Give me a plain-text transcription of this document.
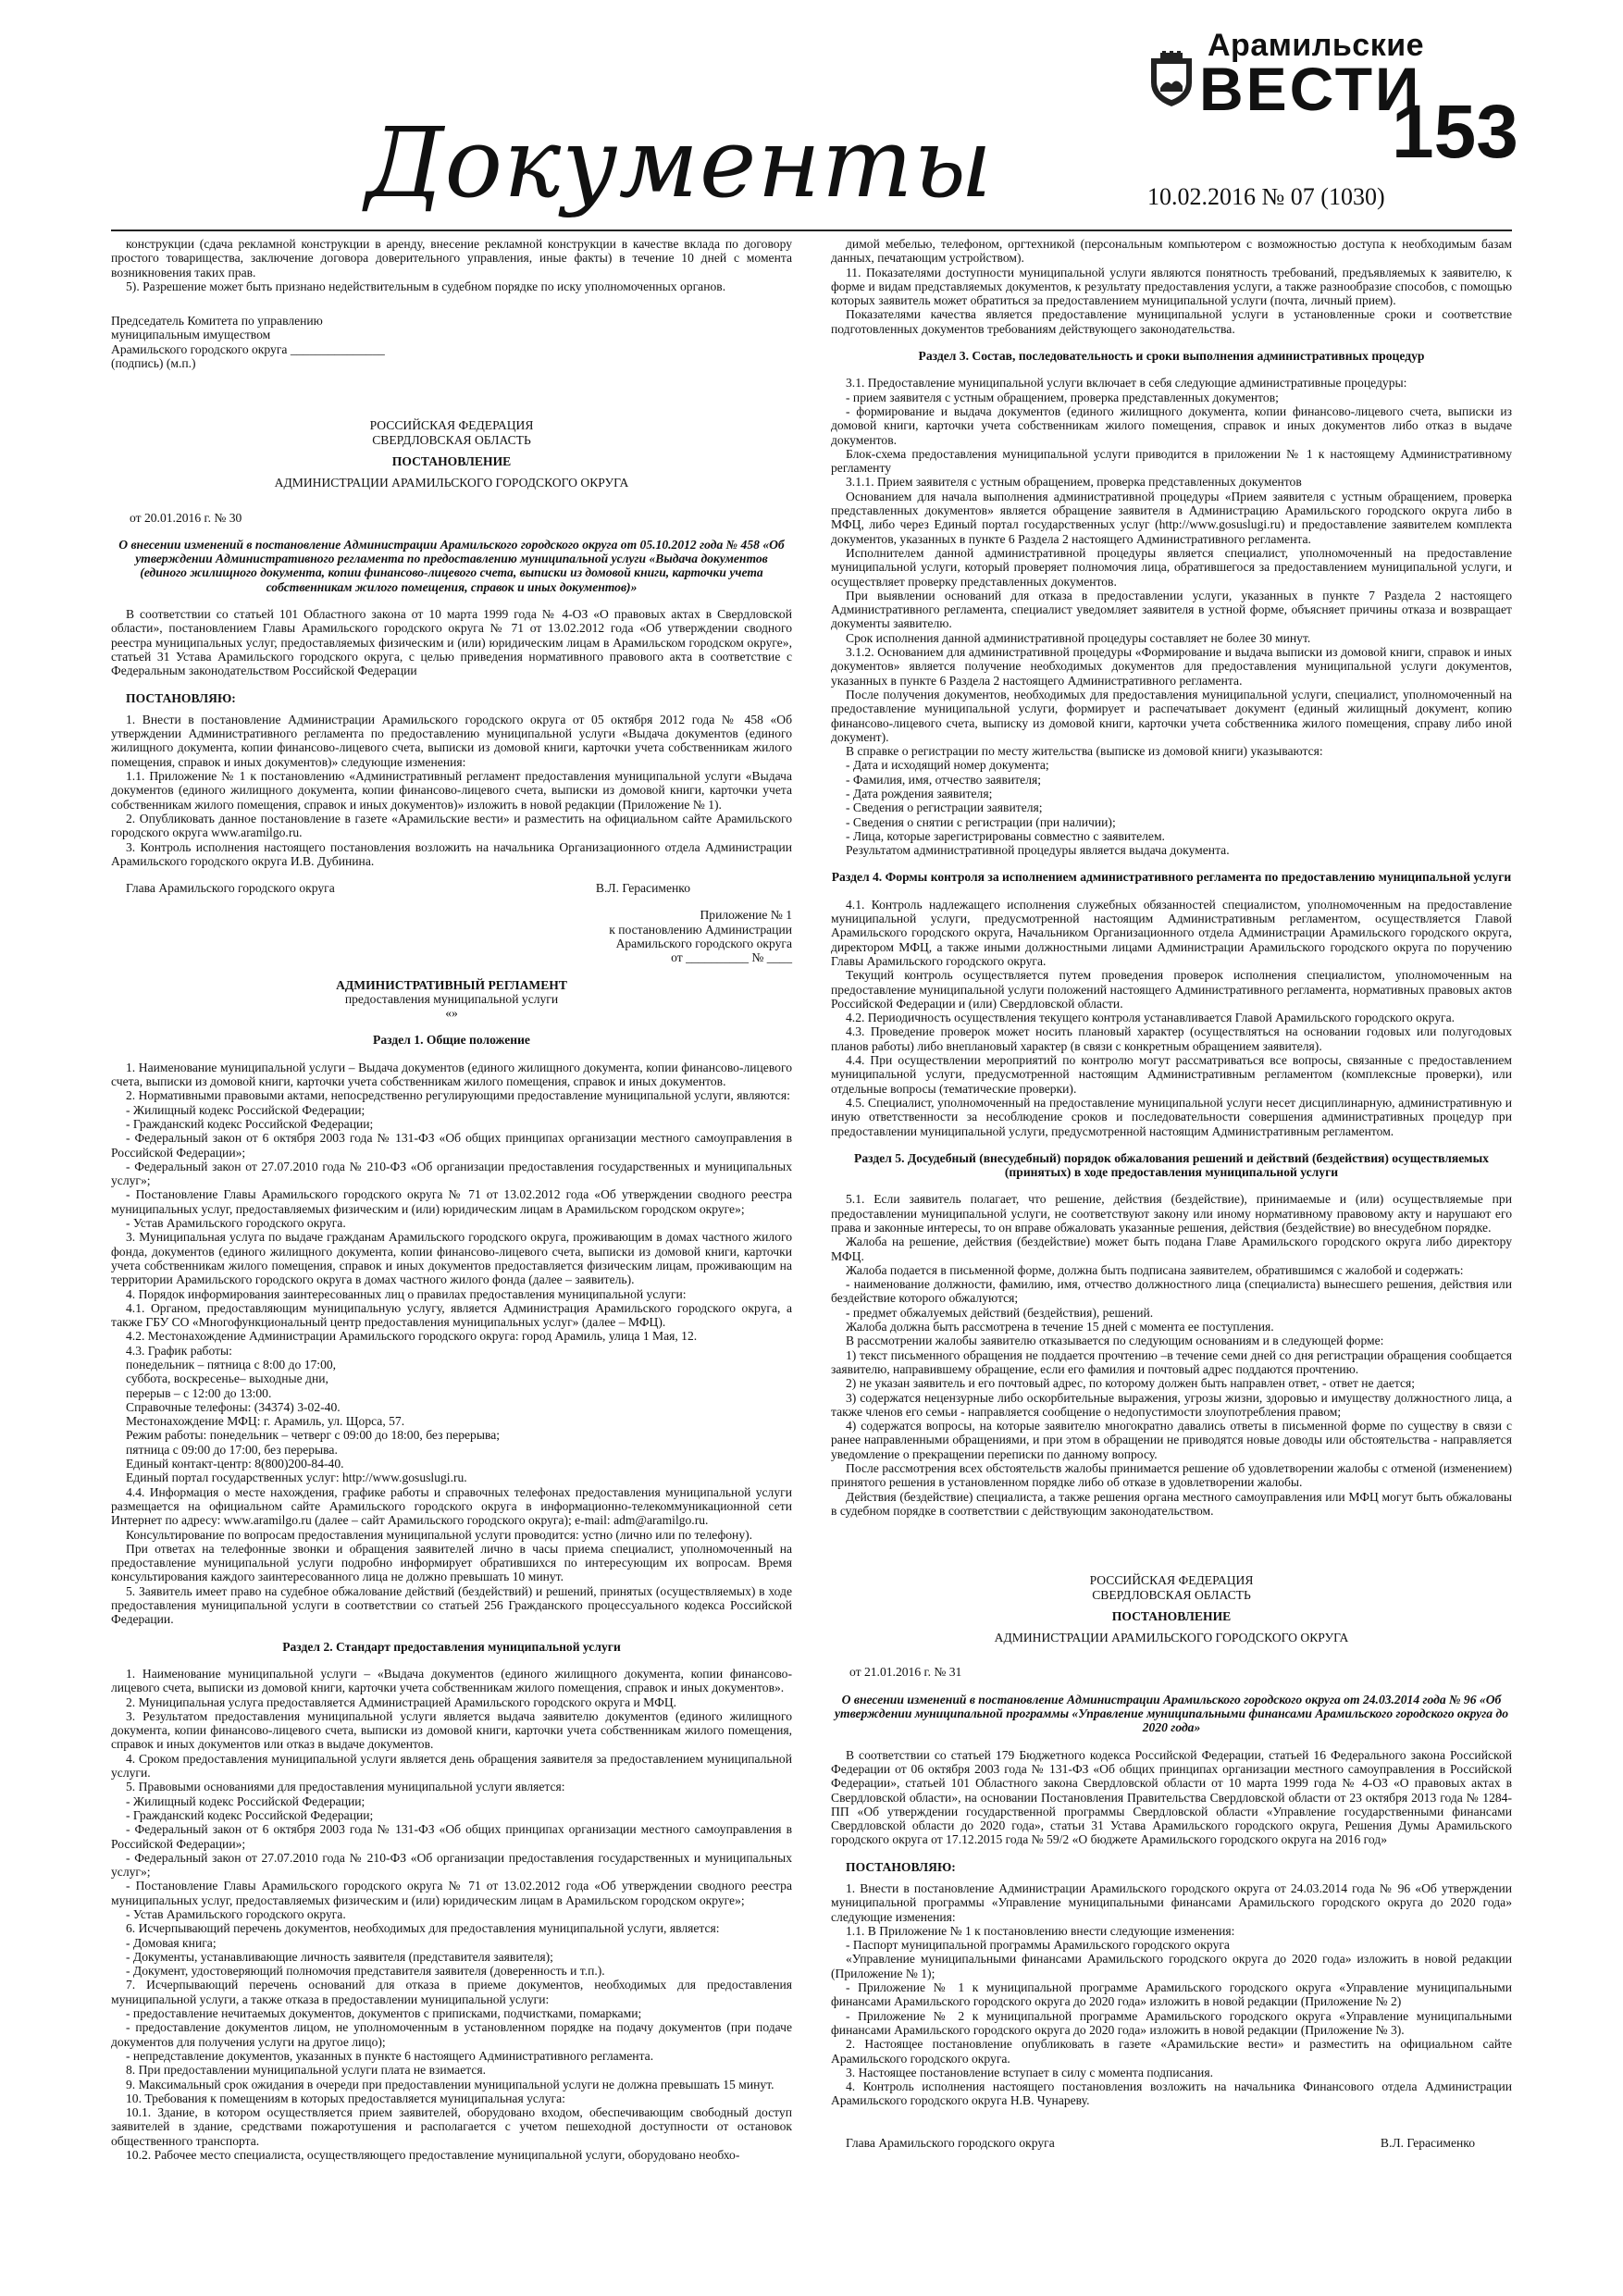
Документы
Арамильские
ВЕСТИ
153
10.02.2016 № 07 (1030)

конструкции (сдача рекламной конструкции в аренду, внесение рекламной конструкции в качестве вклада по договору простого товарищества, заключение договора доверительного управления, иные факты) в течение 10 дней с момента возникновения таких прав.

5). Разрешение может быть признано недействительным в судебном порядке по иску уполномоченных органов.

Председатель Комитета по управлению

муниципальным имуществом

Арамильского городского округа _______________

(подпись) (м.п.)

РОССИЙСКАЯ ФЕДЕРАЦИЯ

СВЕРДЛОВСКАЯ ОБЛАСТЬ

ПОСТАНОВЛЕНИЕ

АДМИНИСТРАЦИИ АРАМИЛЬСКОГО ГОРОДСКОГО ОКРУГА

от 20.01.2016 г. № 30

О внесении изменений в постановление Администрации Арамильского городского округа от 05.10.2012 года № 458 «Об утверждении Административного регламента по предоставлению муниципальной услуги «Выдача документов (единого жилищного документа, копии финансово-лицевого счета, выписки из домовой книги, карточки учета собственникам жилого помещения, справок и иных документов)»

В соответствии со статьей 101 Областного закона от 10 марта 1999 года № 4-ОЗ «О правовых актах в Свердловской области», постановлением Главы Арамильского городского округа № 71 от 13.02.2012 года «Об утверждении сводного реестра муниципальных услуг, предоставляемых физическим и (или) юридическим лицам в Арамильском городском округе», статьей 31 Устава Арамильского городского округа, с целью приведения нормативного правового акта в соответствие с Федеральным законодательством Российской Федерации

ПОСТАНОВЛЯЮ:

1. Внести в постановление Администрации Арамильского городского округа от 05 октября 2012 года № 458 «Об утверждении Административного регламента по предоставлению муниципальной услуги «Выдача документов (единого жилищного документа, копии финансово-лицевого счета, выписки из домовой книги, карточки учета собственникам жилого помещения, справок и иных документов)» следующие изменения:

1.1. Приложение № 1 к постановлению «Административный регламент предоставления муниципальной услуги «Выдача документов (единого жилищного документа, копии финансово-лицевого счета, выписки из домовой книги, карточки учета собственникам жилого помещения, справок и иных документов)» изложить в новой редакции (Приложение № 1).

2. Опубликовать данное постановление в газете «Арамильские вести» и разместить на официальном сайте Арамильского городского округа www.aramilgo.ru.

3. Контроль исполнения настоящего постановления возложить на начальника Организационного отдела Администрации Арамильского городского округа И.В. Дубинина.

Глава Арамильского городского округа	В.Л. Герасименко

Приложение № 1

к постановлению Администрации

Арамильского городского округа

от __________ № ____

АДМИНИСТРАТИВНЫЙ РЕГЛАМЕНТ

предоставления муниципальной услуги

«»

Раздел 1. Общие положение

1. Наименование муниципальной услуги – Выдача документов (единого жилищного документа, копии финансово-лицевого счета, выписки из домовой книги, карточки учета собственникам жилого помещения, справок и иных документов.

2. Нормативными правовыми актами, непосредственно регулирующими предоставление муниципальной услуги, являются:

- Жилищный кодекс Российской Федерации;

- Гражданский кодекс Российской Федерации;

- Федеральный закон от 6 октября 2003 года № 131-ФЗ «Об общих принципах организации местного самоуправления в Российской Федерации»;

- Федеральный закон от 27.07.2010 года № 210-ФЗ «Об организации предоставления государственных и муниципальных услуг»;

- Постановление Главы Арамильского городского округа № 71 от 13.02.2012 года «Об утверждении сводного реестра муниципальных услуг, предоставляемых физическим и (или) юридическим лицам в Арамильском городском округе»;

- Устав Арамильского городского округа.

3. Муниципальная услуга по выдаче гражданам Арамильского городского округа, проживающим в домах частного жилого фонда, документов (единого жилищного документа, копии финансово-лицевого счета, выписки из домовой книги, карточки учета собственникам жилого помещения, справок и иных документов предоставляется физическим лицам, проживающим на территории Арамильского городского округа в домах частного жилого фонда (далее – заявитель).

4. Порядок информирования заинтересованных лиц о правилах предоставления муниципальной услуги:

4.1. Органом, предоставляющим муниципальную услугу, является Администрация Арамильского городского округа, а также ГБУ СО «Многофункциональный центр предоставления муниципальных услуг» (далее – МФЦ).

4.2. Местонахождение Администрации Арамильского городского округа: город Арамиль, улица 1 Мая, 12.

4.3. График работы:

понедельник – пятница с 8:00 до 17:00,

суббота, воскресенье– выходные дни,

перерыв – с 12:00 до 13:00.

Справочные телефоны: (34374) 3-02-40.

Местонахождение МФЦ: г. Арамиль, ул. Щорса, 57.

Режим работы: понедельник – четверг с 09:00 до 18:00, без перерыва;

пятница с 09:00 до 17:00, без перерыва.

Единый контакт-центр: 8(800)200-84-40.

Единый портал государственных услуг: http://www.gosuslugi.ru.

4.4. Информация о месте нахождения, графике работы и справочных телефонах предоставления муниципальной услуги размещается на официальном сайте Арамильского городского округа в информационно-телекоммуникационной сети Интернет по адресу: www.aramilgo.ru (далее – сайт Арамильского городского округа); e-mail: adm@aramilgo.ru.

Консультирование по вопросам предоставления муниципальной услуги проводится: устно (лично или по телефону).

При ответах на телефонные звонки и обращения заявителей лично в часы приема специалист, уполномоченный на предоставление муниципальной услуги подробно информирует обратившихся по интересующим их вопросам. Время консультирования каждого заинтересованного лица не должно превышать 10 минут.

5. Заявитель имеет право на судебное обжалование действий (бездействий) и решений, принятых (осуществляемых) в ходе предоставления муниципальной услуги в соответствии со статьей 256 Гражданского процессуального кодекса Российской Федерации.

Раздел 2. Стандарт предоставления муниципальной услуги

1. Наименование муниципальной услуги – «Выдача документов (единого жилищного документа, копии финансово-лицевого счета, выписки из домовой книги, карточки учета собственникам жилого помещения, справок и иных документов».

2. Муниципальная услуга предоставляется Администрацией Арамильского городского округа и МФЦ.

3. Результатом предоставления муниципальной услуги является выдача заявителю документов (единого жилищного документа, копии финансово-лицевого счета, выписки из домовой книги, карточки учета собственникам жилого помещения, справок и иных документов или отказ в выдаче документов.

4. Сроком предоставления муниципальной услуги является день обращения заявителя за предоставлением муниципальной услуги.

5. Правовыми основаниями для предоставления муниципальной услуги является:

- Жилищный кодекс Российской Федерации;

- Гражданский кодекс Российской Федерации;

- Федеральный закон от 6 октября 2003 года № 131-ФЗ «Об общих принципах организации местного самоуправления в Российской Федерации»;

- Федеральный закон от 27.07.2010 года № 210-ФЗ «Об организации предоставления государственных и муниципальных услуг»;

- Постановление Главы Арамильского городского округа № 71 от 13.02.2012 года «Об утверждении сводного реестра муниципальных услуг, предоставляемых физическим и (или) юридическим лицам в Арамильском городском округе»;

- Устав Арамильского городского округа.

6. Исчерпывающий перечень документов, необходимых для предоставления муниципальной услуги, является:

- Домовая книга;

- Документы, устанавливающие личность заявителя (представителя заявителя);

- Документ, удостоверяющий полномочия представителя заявителя (доверенность и т.п.).

7. Исчерпывающий перечень оснований для отказа в приеме документов, необходимых для предоставления муниципальной услуги, а также отказа в предоставлении муниципальной услуги:

- предоставление нечитаемых документов, документов с приписками, подчистками, помарками;

- предоставление документов лицом, не уполномоченным в установленном порядке на подачу документов (при подаче документов для получения услуги на другое лицо);

- непредставление документов, указанных в пункте 6 настоящего Административного регламента.

8. При предоставлении муниципальной услуги плата не взимается.

9. Максимальный срок ожидания в очереди при предоставлении муниципальной услуги не должна превышать 15 минут.

10. Требования к помещениям в которых предоставляется муниципальная услуга:

10.1. Здание, в котором осуществляется прием заявителей, оборудовано входом, обеспечивающим свободный доступ заявителей в здание, средствами пожаротушения и располагается с учетом пешеходной доступности от остановок общественного транспорта.

10.2. Рабочее место специалиста, осуществляющего предоставление муниципальной услуги, оборудовано необхо-

димой мебелью, телефоном, оргтехникой (персональным компьютером с возможностью доступа к необходимым базам данных, печатающим устройством).

11. Показателями доступности муниципальной услуги являются понятность требований, предъявляемых к заявителю, к форме и видам представляемых документов, к результату предоставления услуги, а также разнообразие способов, с помощью которых заявитель может обратиться за предоставлением муниципальной услуги (почта, личный прием).

Показателями качества является предоставление муниципальной услуги в установленные сроки и соответствие подготовленных документов требованиям действующего законодательства.

Раздел 3. Состав, последовательность и сроки выполнения административных процедур

3.1. Предоставление муниципальной услуги включает в себя следующие административные процедуры:

- прием заявителя с устным обращением, проверка представленных документов;

- формирование и выдача документов (единого жилищного документа, копии финансово-лицевого счета, выписки из домовой книги, карточки учета собственникам жилого помещения, справок и иных документов либо отказ в выдаче документов.

Блок-схема предоставления муниципальной услуги приводится в приложении № 1 к настоящему Административному регламенту

3.1.1. Прием заявителя с устным обращением, проверка представленных документов

Основанием для начала выполнения административной процедуры «Прием заявителя с устным обращением, проверка представленных документов» является обращение заявителя в Администрацию Арамильского городского округа либо в МФЦ, либо через Единый портал государственных услуг (http://www.gosuslugi.ru) и предоставление заявителем комплекта документов, указанных в пункте 6 Раздела 2 настоящего Административного регламента.

Исполнителем данной административной процедуры является специалист, уполномоченный на предоставление муниципальной услуги, который проверяет полномочия лица, обратившегося за предоставлением муниципальной услуги, и осуществляет проверку представленных документов.

При выявлении оснований для отказа в предоставлении услуги, указанных в пункте 7 Раздела 2 настоящего Административного регламента, специалист уведомляет заявителя в устной форме, объясняет причины отказа и возвращает документы заявителю.

Срок исполнения данной административной процедуры составляет не более 30 минут.

3.1.2. Основанием для административной процедуры «Формирование и выдача выписки из домовой книги, справок и иных документов» является получение необходимых документов для предоставления муниципальной услуги документов, указанных в пункте 6 Раздела 2 настоящего Административного регламента.

После получения документов, необходимых для предоставления муниципальной услуги, специалист, уполномоченный на предоставление муниципальной услуги, формирует и распечатывает документ (единый жилищный документ, копию финансово-лицевого счета, выписку из домовой книги, карточки учета собственника жилого помещения, справу либо иной документ).

В справке о регистрации по месту жительства (выписке из домовой книги) указываются:

- Дата и исходящий номер документа;

- Фамилия, имя, отчество заявителя;

- Дата рождения заявителя;

- Сведения о регистрации заявителя;

- Сведения о снятии с регистрации (при наличии);

- Лица, которые зарегистрированы совместно с заявителем.

Результатом административной процедуры является выдача документа.

Раздел 4. Формы контроля за исполнением административного регламента по предоставлению муниципальной услуги

4.1. Контроль надлежащего исполнения служебных обязанностей специалистом, уполномоченным на предоставление муниципальной услуги, предусмотренной настоящим Административным регламентом, осуществляется Главой Арамильского городского округа, Начальником Организационного отдела Администрации Арамильского городского округа, директором МФЦ, а также иными должностными лицами Администрации Арамильского городского округа по поручению Главы Арамильского городского округа.

Текущий контроль осуществляется путем проведения проверок исполнения специалистом, уполномоченным на предоставление муниципальной услуги положений настоящего Административного регламента, нормативных правовых актов Российской Федерации и (или) Свердловской области.

4.2. Периодичность осуществления текущего контроля устанавливается Главой Арамильского городского округа.

4.3. Проведение проверок может носить плановый характер (осуществляться на основании годовых или полугодовых планов работы) либо внеплановый характер (в связи с конкретным обращением заявителя).

4.4. При осуществлении мероприятий по контролю могут рассматриваться все вопросы, связанные с предоставлением муниципальной услуги, предусмотренной настоящим Административным регламентом (комплексные проверки), или отдельные вопросы (тематические проверки).

4.5. Специалист, уполномоченный на предоставление муниципальной услуги несет дисциплинарную, административную и иную ответственности за несоблюдение сроков и последовательности совершения административных процедур при предоставлении муниципальной услуги, предусмотренной настоящим Административным регламентом.

Раздел 5. Досудебный (внесудебный) порядок обжалования решений и действий (бездействия) осуществляемых (принятых) в ходе предоставления муниципальной услуги

5.1. Если заявитель полагает, что решение, действия (бездействие), принимаемые и (или) осуществляемые при предоставлении муниципальной услуги, не соответствуют закону или иному нормативному правовому акту и нарушают его права и законные интересы, то он вправе обжаловать указанные решения, действия (бездействие) во внесудебном порядке.

Жалоба на решение, действия (бездействие) может быть подана Главе Арамильского городского округа либо директору МФЦ.

Жалоба подается в письменной форме, должна быть подписана заявителем, обратившимся с жалобой и содержать:

- наименование должности, фамилию, имя, отчество должностного лица (специалиста) вынесшего решения, действия или бездействие которого обжалуются;

- предмет обжалуемых действий (бездействия), решений.

Жалоба должна быть рассмотрена в течение 15 дней с момента ее поступления.

В рассмотрении жалобы заявителю отказывается по следующим основаниям и в следующей форме:

1) текст письменного обращения не поддается прочтению –в течение семи дней со дня регистрации обращения сообщается заявителю, направившему обращение, если его фамилия и почтовый адрес поддаются прочтению.

2) не указан заявитель и его почтовый адрес, по которому должен быть направлен ответ, - ответ не дается;

3) содержатся нецензурные либо оскорбительные выражения, угрозы жизни, здоровью и имуществу должностного лица, а также членов его семьи - направляется сообщение о недопустимости злоупотребления правом;

4) содержатся вопросы, на которые заявителю многократно давались ответы в письменной форме по существу в связи с ранее направленными обращениями, и при этом в обращении не приводятся новые доводы или обстоятельства - направляется уведомление о прекращении переписки по данному вопросу.

После рассмотрения всех обстоятельств жалобы принимается решение об удовлетворении жалобы с отменой (изменением) принятого решения в установленном порядке либо об отказе в удовлетворении жалобы.

Действия (бездействие) специалиста, а также решения органа местного самоуправления или МФЦ могут быть обжалованы в судебном порядке в соответствии с действующим законодательством.

РОССИЙСКАЯ ФЕДЕРАЦИЯ

СВЕРДЛОВСКАЯ ОБЛАСТЬ

ПОСТАНОВЛЕНИЕ

АДМИНИСТРАЦИИ АРАМИЛЬСКОГО ГОРОДСКОГО ОКРУГА

от 21.01.2016 г. № 31

О внесении изменений в постановление Администрации Арамильского городского округа от 24.03.2014 года № 96 «Об утверждении муниципальной программы «Управление муниципальными финансами Арамильского городского округа до 2020 года»

В соответствии со статьей 179 Бюджетного кодекса Российской Федерации, статьей 16 Федерального закона Российской Федерации от 06 октября 2003 года № 131-ФЗ «Об общих принципах организации местного самоуправления в Российской Федерации», статьей 101 Областного закона Свердловской области от 10 марта 1999 года № 4-ОЗ «О правовых актах в Свердловской области», на основании Постановления Правительства Свердловской области от 23 октября 2013 года № 1284-ПП «Об утверждении государственной программы Свердловской области «Управление государственными финансами Свердловской области до 2020 года», статьи 31 Устава Арамильского городского округа, Решения Думы Арамильского городского округа от 17.12.2015 года № 59/2 «О бюджете Арамильского городского округа на 2016 год»

ПОСТАНОВЛЯЮ:

1. Внести в постановление Администрации Арамильского городского округа от 24.03.2014 года № 96 «Об утверждении муниципальной программы «Управление муниципальными финансами Арамильского городского округа до 2020 года» следующие изменения:

1.1. В Приложение № 1 к постановлению внести следующие изменения:

- Паспорт муниципальной программы Арамильского городского округа

«Управление муниципальными финансами Арамильского городского округа до 2020 года» изложить в новой редакции (Приложение № 1);

- Приложение № 1 к муниципальной программе Арамильского городского округа «Управление муниципальными финансами Арамильского городского округа до 2020 года» изложить в новой редакции (Приложение № 2)

- Приложение № 2 к муниципальной программе Арамильского городского округа «Управление муниципальными финансами Арамильского городского округа до 2020 года» изложить в новой редакции (Приложение № 3).

2. Настоящее постановление опубликовать в газете «Арамильские вести» и разместить на официальном сайте Арамильского городского округа.

3. Настоящее постановление вступает в силу с момента подписания.

4. Контроль исполнения настоящего постановления возложить на начальника Финансового отдела Администрации Арамильского городского округа Н.В. Чунареву.

Глава Арамильского городского округа	В.Л. Герасименко
